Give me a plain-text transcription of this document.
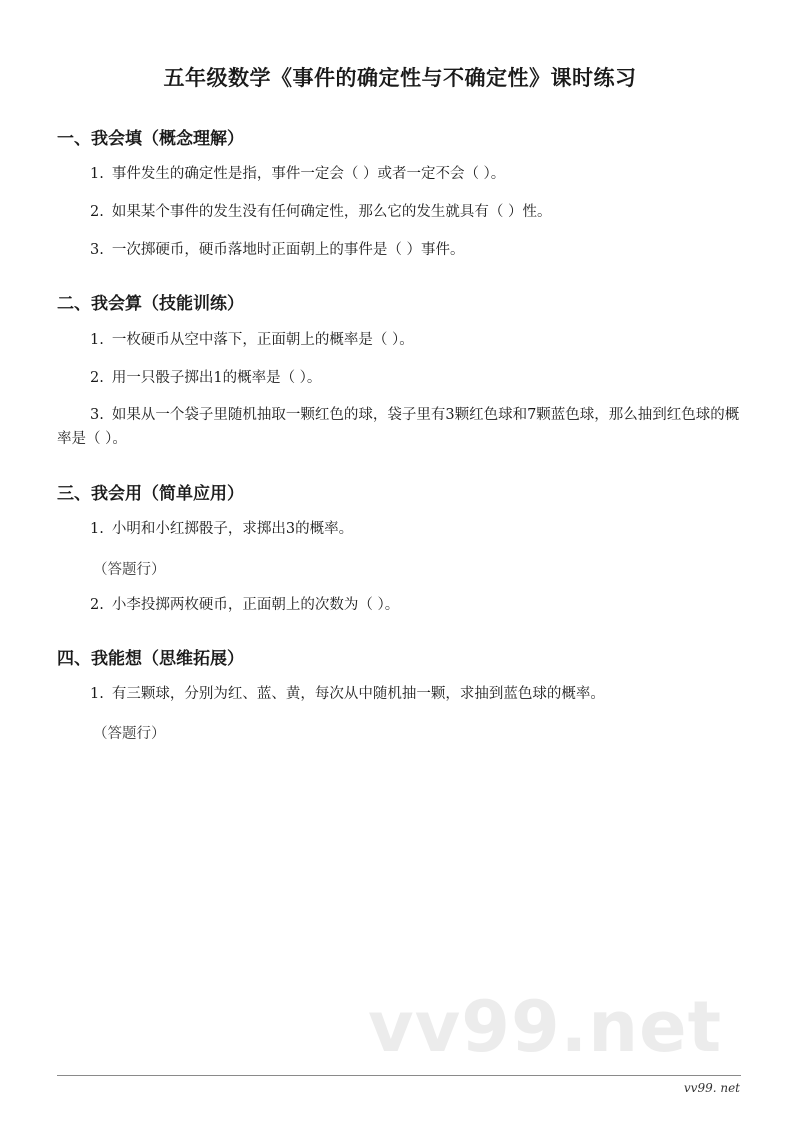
五年级数学《事件的确定性与不确定性》课时练习
一、我会填（概念理解）
1. 事件发生的确定性是指，事件一定会（ ）或者一定不会（ ）。
2. 如果某个事件的发生没有任何确定性，那么它的发生就具有（ ）性。
3. 一次掷硬币，硬币落地时正面朝上的事件是（ ）事件。
二、我会算（技能训练）
1. 一枚硬币从空中落下，正面朝上的概率是（ ）。
2. 用一只骰子掷出1的概率是（ ）。
3. 如果从一个袋子里随机抽取一颗红色的球，袋子里有3颗红色球和7颗蓝色球，那么抽到红色球的概率是（ ）。
三、我会用（简单应用）
1. 小明和小红掷骰子，求掷出3的概率。
（答题行）
2. 小李投掷两枚硬币，正面朝上的次数为（ ）。
四、我能想（思维拓展）
1. 有三颗球，分别为红、蓝、黄，每次从中随机抽一颗，求抽到蓝色球的概率。
（答题行）
vv99.net
vv99. net
